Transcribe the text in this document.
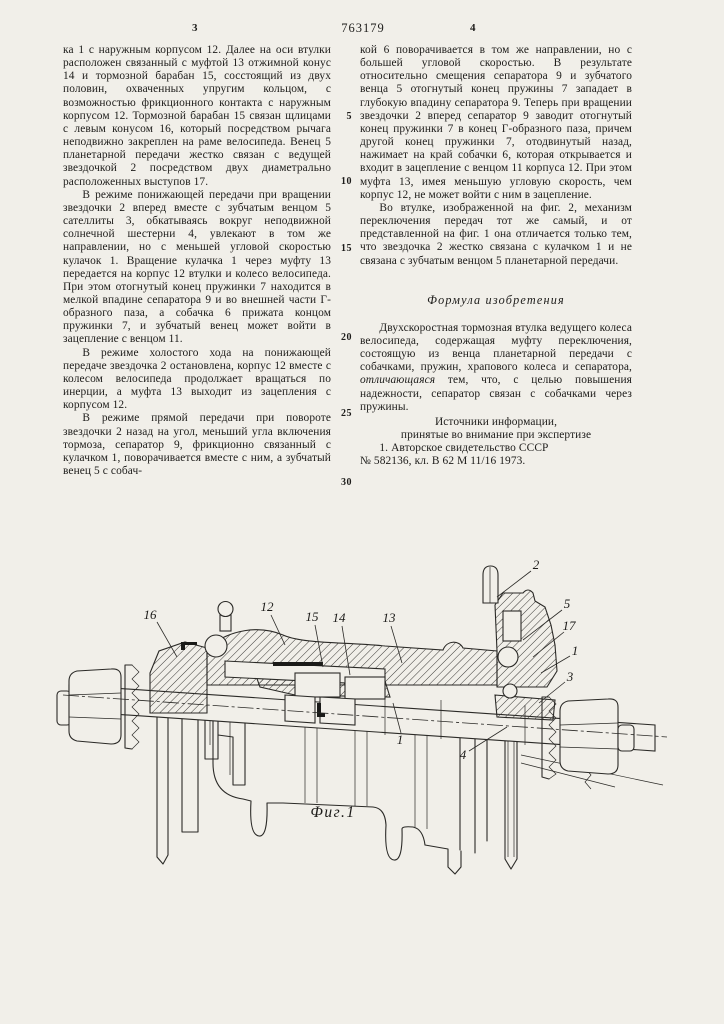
3	763179	4
5
10
15
20
25
30

ка 1 с наружным корпусом 12. Далее на оси втулки расположен связанный с муфтой 13 отжимной конус 14 и тормозной барабан 15, сосстоящий из двух половин, охваченных упругим кольцом, с возможностью фрикционного контакта с наружным корпусом 12. Тормозной барабан 15 связан щлицами с левым конусом 16, который посредством рычага неподвижно закреплен на раме велосипеда. Венец 5 планетарной передачи жестко связан с ведущей звездочкой 2 посредством двух диаметрально расположенных выступов 17.

В режиме понижающей передачи при вращении звездочки 2 вперед вместе с зубчатым венцом 5 сателлиты 3, обкатываясь вокруг неподвижной солнечной шестерни 4, увлекают в том же направлении, но с меньшей угловой скоростью кулачок 1. Вращение кулачка 1 через муфту 13 передается на корпус 12 втулки и колесо велосипеда. При этом отогнутый конец пружинки 7 находится в мелкой впадине сепаратора 9 и во внешней части Г-образного паза, а собачка 6 прижата концом пружинки 7, и зубчатый венец может войти в зацепление с венцом 11.

В режиме холостого хода на понижающей передаче звездочка 2 остановлена, корпус 12 вместе с колесом велосипеда продолжает вращаться по инерции, а муфта 13 выходит из зацепления с корпусом 12.

В режиме прямой передачи при повороте звездочки 2 назад на угол, меньший угла включения тормоза, сепаратор 9, фрикционно связанный с кулачком 1, поворачивается вместе с ним, а зубчатый венец 5 с собач-

кой 6 поворачивается в том же направлении, но с большей угловой скоростью. В результате относительно смещения сепаратора 9 и зубчатого венца 5 отогнутый конец пружины 7 западает в глубокую впадину сепаратора 9. Теперь при вращении звездочки 2 вперед сепаратор 9 заводит отогнутый конец пружинки 7 в конец Г-образного паза, причем другой конец пружинки 7, отодвинутый назад, нажимает на край собачки 6, которая открывается и входит в зацепление с венцом 11 корпуса 12. При этом муфта 13, имея меньшую угловую скорость, чем корпус 12, не может войти с ним в зацепление.

Во втулке, изображенной на фиг. 2, механизм переключения передач тот же самый, и от представленной на фиг. 1 она отличается только тем, что звездочка 2 жестко связана с кулачком 1 и не связана с зубчатым венцом 5 планетарной передачи.

Формула изобретения

Двухскоростная тормозная втулка ведущего колеса велосипеда, содержащая муфту переключения, состоящую из венца планетарной передачи с собачками, пружин, храпового колеса и сепаратора, отличающаяся тем, что, с целью повышения надежности, сепаратор связан с собачками через пружины.

Источники информации,

принятые во внимание при экспертизе

1. Авторское свидетельство СССР

№ 582136, кл. В 62 М 11/16 1973.

16
12
15 14	13
2
5
17
1
3
1
4
Фиг.1
